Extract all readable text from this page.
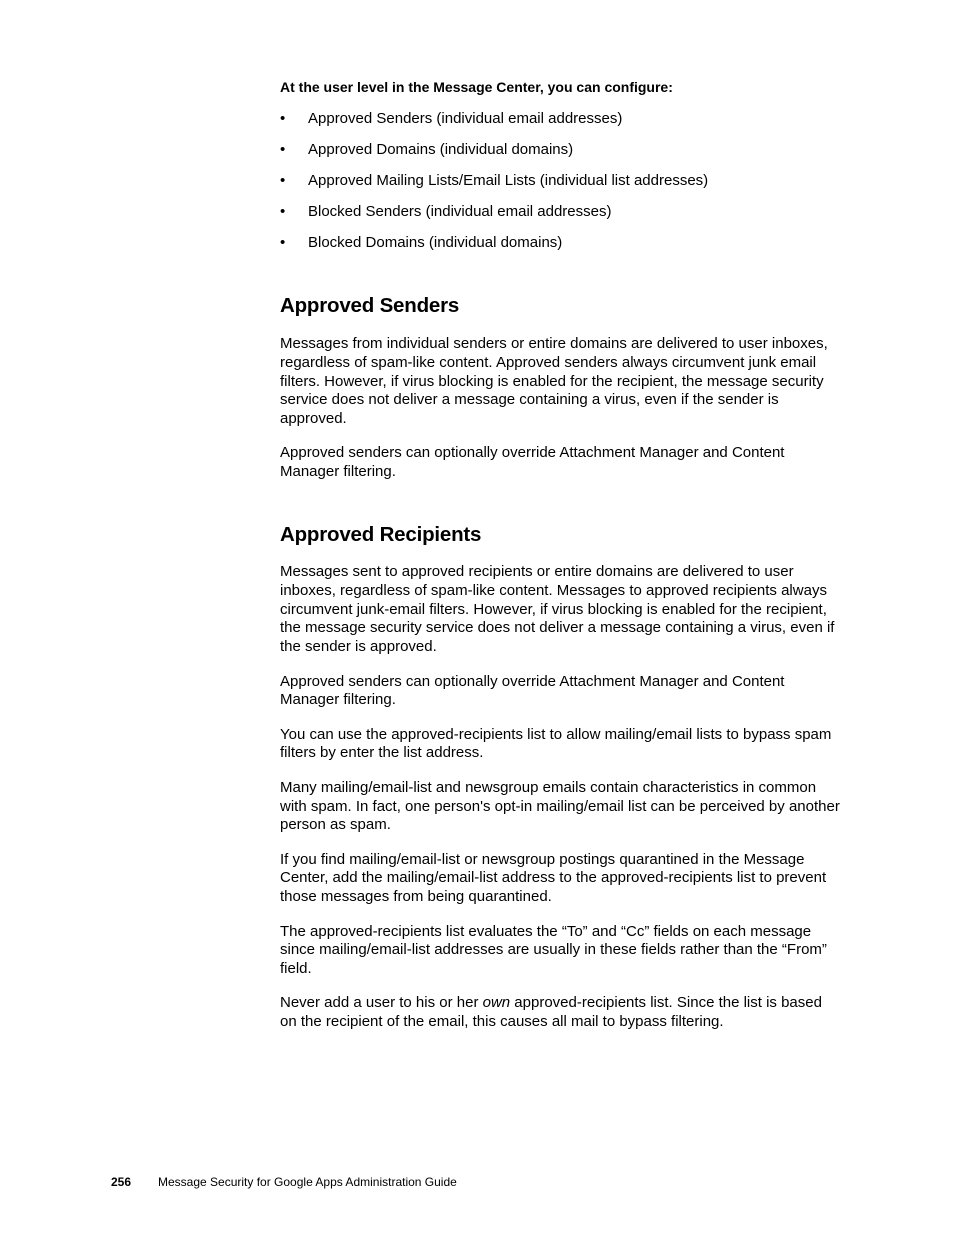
At the user level in the Message Center, you can configure:
• Approved Senders (individual email addresses)
• Approved Domains (individual domains)
• Approved Mailing Lists/Email Lists (individual list addresses)
• Blocked Senders (individual email addresses)
• Blocked Domains (individual domains)
Approved Senders

Messages from individual senders or entire domains are delivered to user inboxes, regardless of spam-like content. Approved senders always circumvent junk email filters. However, if virus blocking is enabled for the recipient, the message security service does not deliver a message containing a virus, even if the sender is approved.

Approved senders can optionally override Attachment Manager and Content Manager filtering.

Approved Recipients

Messages sent to approved recipients or entire domains are delivered to user inboxes, regardless of spam-like content. Messages to approved recipients always circumvent junk-email filters. However, if virus blocking is enabled for the recipient, the message security service does not deliver a message containing a virus, even if the sender is approved.

Approved senders can optionally override Attachment Manager and Content Manager filtering.

You can use the approved-recipients list to allow mailing/email lists to bypass spam filters by enter the list address.

Many mailing/email-list and newsgroup emails contain characteristics in common with spam. In fact, one person's opt-in mailing/email list can be perceived by another person as spam.

If you find mailing/email-list or newsgroup postings quarantined in the Message Center, add the mailing/email-list address to the approved-recipients list to prevent those messages from being quarantined.

The approved-recipients list evaluates the “To” and “Cc” fields on each message since mailing/email-list addresses are usually in these fields rather than the “From” field.

Never add a user to his or her own approved-recipients list. Since the list is based on the recipient of the email, this causes all mail to bypass filtering.

256 Message Security for Google Apps Administration Guide
